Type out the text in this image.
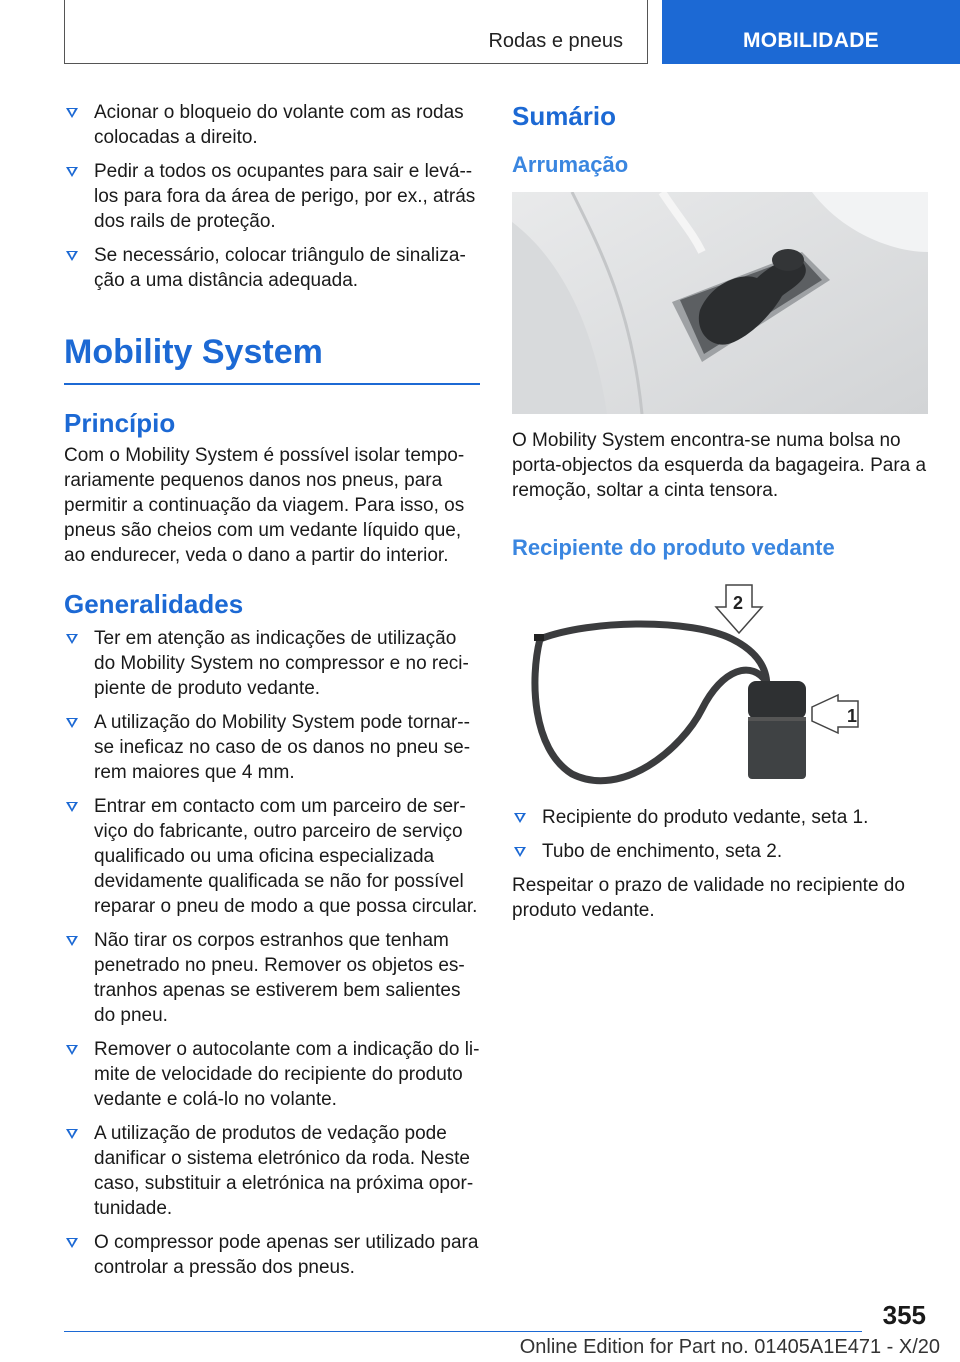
Rodas e pneus	MOBILIDADE
Acionar o bloqueio do volante com as rodas colocadas a direito.
Pedir a todos os ocupantes para sair e levá--los para fora da área de perigo, por ex., atrás dos rails de proteção.
Se necessário, colocar triângulo de sinalização a uma distância adequada.
Mobility System
Princípio

Com o Mobility System é possível isolar temporariamente pequenos danos nos pneus, para permitir a continuação da viagem. Para isso, os pneus são cheios com um vedante líquido que, ao endurecer, veda o dano a partir do interior.

Generalidades
Ter em atenção as indicações de utilização do Mobility System no compressor e no recipiente de produto vedante.
A utilização do Mobility System pode tornar--se ineficaz no caso de os danos no pneu serem maiores que 4 mm.
Entrar em contacto com um parceiro de serviço do fabricante, outro parceiro de serviço qualificado ou uma oficina especializada devidamente qualificada se não for possível reparar o pneu de modo a que possa circular.
Não tirar os corpos estranhos que tenham penetrado no pneu. Remover os objetos estranhos apenas se estiverem bem salientes do pneu.
Remover o autocolante com a indicação do limite de velocidade do recipiente do produto vedante e colá-lo no volante.
A utilização de produtos de vedação pode danificar o sistema eletrónico da roda. Neste caso, substituir a eletrónica na próxima oportunidade.
O compressor pode apenas ser utilizado para controlar a pressão dos pneus.
Sumário
Arrumação

O Mobility System encontra-se numa bolsa no porta-objectos da esquerda da bagageira. Para a remoção, soltar a cinta tensora.

Recipiente do produto vedante
1
2
Recipiente do produto vedante, seta 1.
Tubo de enchimento, seta 2.

Respeitar o prazo de validade no recipiente do produto vedante.

355
Online Edition for Part no. 01405A1E471 - X/20
